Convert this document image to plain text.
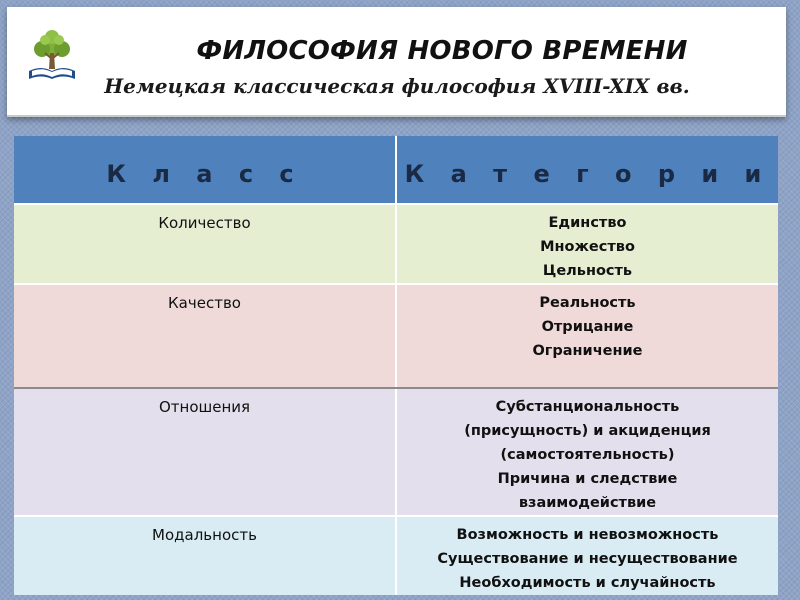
ФИЛОСОФИЯ НОВОГО ВРЕМЕНИ
Немецкая классическая философия XVIII-XIX вв.
К л а с с	К а т е г о р и и
Количество	Единство
Множество
Цельность

Качество	Реальность
Отрицание
Ограничение

Отношения	Субстанциональность
(присущность) и акциденция
(самостоятельность)
Причина и следствие
взаимодействие

Модальность	Возможность и невозможность
Существование и несуществование
Необходимость и случайность
